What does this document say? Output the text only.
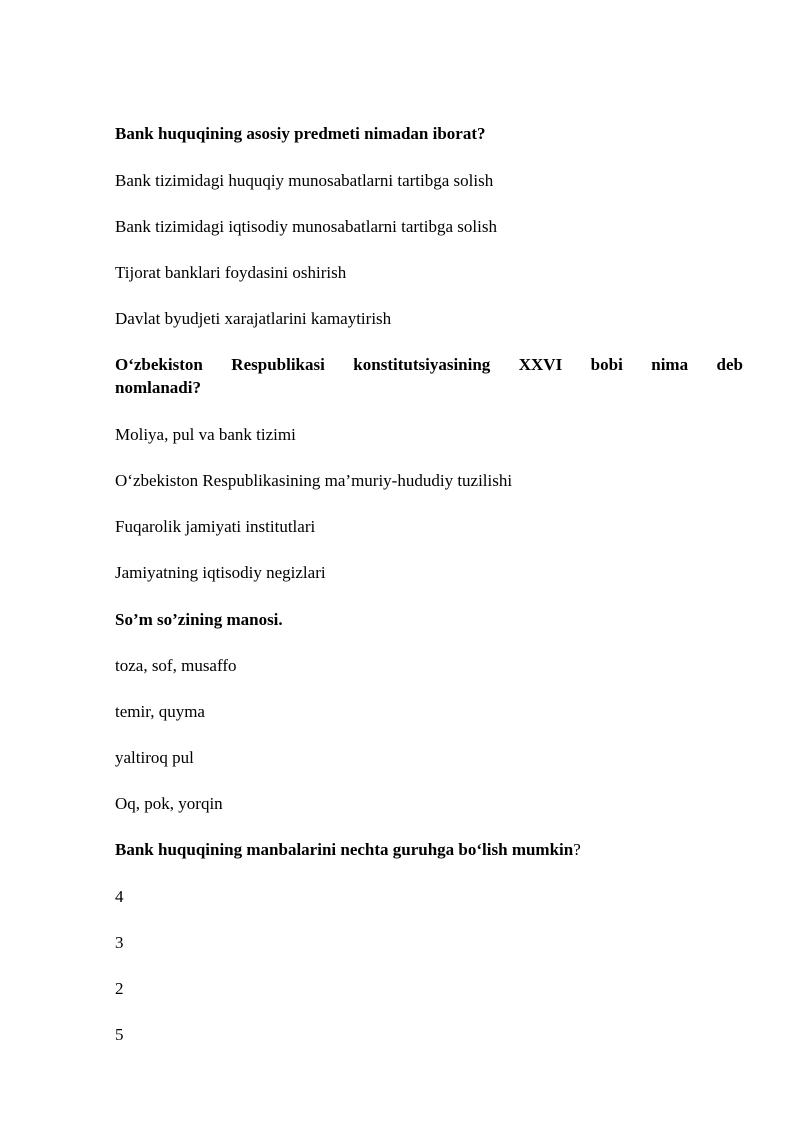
Bank huquqining asosiy predmeti nimadan iborat?
Bank tizimidagi huquqiy munosabatlarni tartibga solish
Bank tizimidagi iqtisodiy munosabatlarni tartibga solish
Tijorat banklari foydasini oshirish
Davlat byudjeti xarajatlarini kamaytirish
O‘zbekiston Respublikasi konstitutsiyasining XXVI bobi nima deb
nomlanadi?
Moliya, pul va bank tizimi
O‘zbekiston Respublikasining ma’muriy-hududiy tuzilishi
Fuqarolik jamiyati institutlari
Jamiyatning iqtisodiy negizlari
So’m so’zining manosi.
toza, sof, musaffo
temir, quyma
yaltiroq pul
Oq, pok, yorqin
Bank huquqining manbalarini nechta guruhga bo‘lish mumkin?
4
3
2
5
